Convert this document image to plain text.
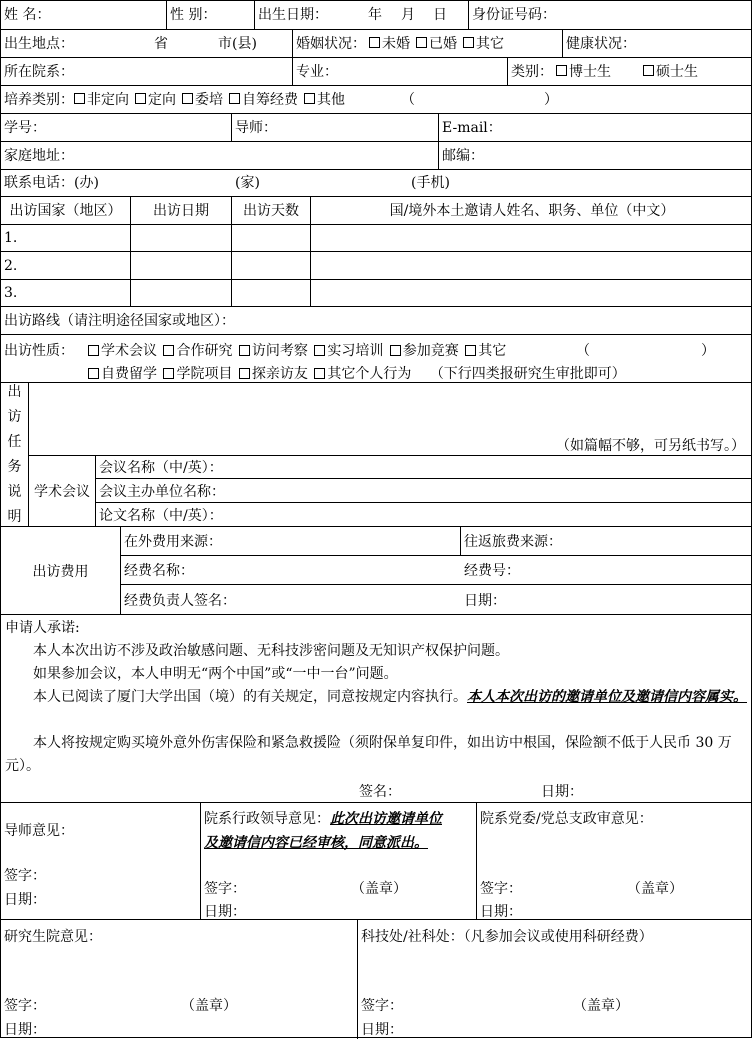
姓 名：	性 别：	出生日期：	年 月 日 身份证号码：
出生地点：	省	市(县)	婚姻状况： 未婚 已婚 其它	健康状况：
所在院系：	专业：	类别： 博士生	硕士生
培养类别： 非定向 定向 委培 自筹经费 其他	（	）
学号：	导师：	E-mail：
家庭地址：	邮编：
联系电话：(办)	(家)	(手机)
出访国家（地区）	出访日期	出访天数	国/境外本土邀请人姓名、职务、单位（中文）
1.
2.
3.
出访路线（请注明途径国家或地区）：
出访性质：	学术会议 合作研究 访问考察 实习培训 参加竞赛 其它	（	）
自费留学 学院项目 探亲访友 其它个人行为 （下行四类报研究生审批即可）
出
访
任
务
说
明
（如篇幅不够，可另纸书写。）
学术会议
会议名称（中/英）：
会议主办单位名称：
论文名称（中/英）：
出访费用
在外费用来源：	往返旅费来源：
经费名称：	经费号：
经费负责人签名：	日期：
申请人承诺:
本人本次出访不涉及政治敏感问题、无科技涉密问题及无知识产权保护问题。
如果参加会议，本人申明无“两个中国”或“一中一台”问题。
本人已阅读了厦门大学出国（境）的有关规定，同意按规定内容执行。本人本次出访的邀请单位及邀请信内容属实。
本人将按规定购买境外意外伤害保险和紧急救援险（须附保单复印件，如出访中根国，保险额不低于人民币 30 万元）。
签名：	日期：
导师意见：
签字：
日期：
院系行政领导意见：此次出访邀请单位
及邀请信内容已经审核，同意派出。
签字：	（盖章）
日期：
院系党委/党总支政审意见：
签字：	（盖章）
日期：
研究生院意见：
签字：	（盖章）
日期：
科技处/社科处：（凡参加会议或使用科研经费）
签字：	（盖章）
日期：
